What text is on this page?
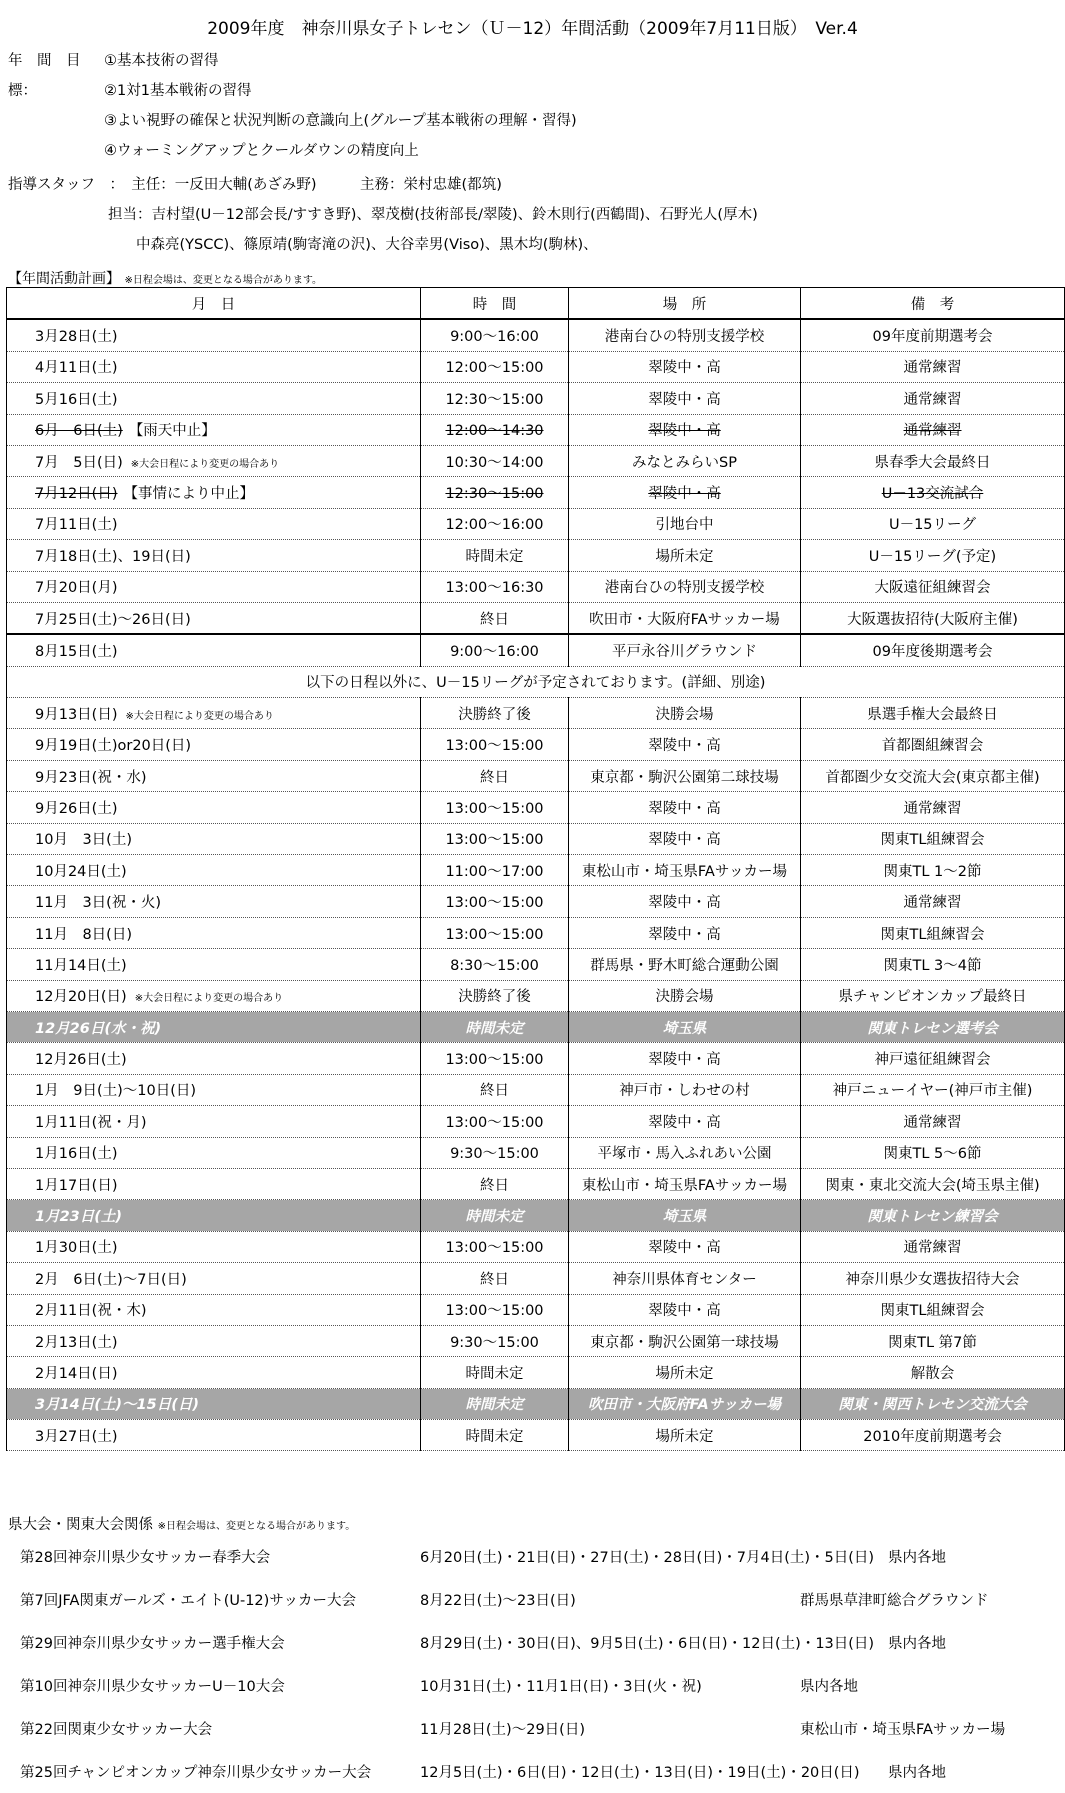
2009年度　神奈川県女子トレセン（Ｕ－12）年間活動（2009年7月11日版）　Ver.4
年　間　目　標：
①基本技術の習得
②1対1基本戦術の習得
③よい視野の確保と状況判断の意識向上(グループ基本戦術の理解・習得)
④ウォーミングアップとクールダウンの精度向上
指導スタッフ　：　主任：一反田大輔(あざみ野)　　　主務：栄村忠雄(都筑)
担当：吉村望(U－12部会長/すすき野)、翠茂樹(技術部長/翠陵)、鈴木則行(西鶴間)、石野光人(厚木)
中森亮(YSCC)、篠原靖(駒寄滝の沢)、大谷幸男(Viso)、黒木均(駒林)、
【年間活動計画】 ※日程会場は、変更となる場合があります。
月　日	時　間	場　所	備　考
3月28日(土)	9:00～16:00	港南台ひの特別支援学校	09年度前期選考会
4月11日(土)	12:00～15:00	翠陵中・高	通常練習
5月16日(土)	12:30～15:00	翠陵中・高	通常練習
6月　6日(土) 【雨天中止】	12:00～14:30	翠陵中・高	通常練習
7月　5日(日) ※大会日程により変更の場合あり	10:30～14:00	みなとみらいSP	県春季大会最終日
7月12日(日) 【事情により中止】	12:30～15:00	翠陵中・高	U－13交流試合
7月11日(土)	12:00～16:00	引地台中	U－15リーグ
7月18日(土)、19日(日)	時間未定	場所未定	U－15リーグ(予定)
7月20日(月)	13:00～16:30	港南台ひの特別支援学校	大阪遠征組練習会
7月25日(土)～26日(日)	終日	吹田市・大阪府FAサッカー場	大阪選抜招待(大阪府主催)
8月15日(土)	9:00～16:00	平戸永谷川グラウンド	09年度後期選考会
以下の日程以外に、U－15リーグが予定されております。(詳細、別途)			
9月13日(日) ※大会日程により変更の場合あり	決勝終了後	決勝会場	県選手権大会最終日
9月19日(土)or20日(日)	13:00～15:00	翠陵中・高	首都圏組練習会
9月23日(祝・水)	終日	東京都・駒沢公園第二球技場	首都圏少女交流大会(東京都主催)
9月26日(土)	13:00～15:00	翠陵中・高	通常練習
10月　3日(土)	13:00～15:00	翠陵中・高	関東TL組練習会
10月24日(土)	11:00～17:00	東松山市・埼玉県FAサッカー場	関東TL 1～2節
11月　3日(祝・火)	13:00～15:00	翠陵中・高	通常練習
11月　8日(日)	13:00～15:00	翠陵中・高	関東TL組練習会
11月14日(土)	8:30～15:00	群馬県・野木町総合運動公園	関東TL 3～4節
12月20日(日) ※大会日程により変更の場合あり	決勝終了後	決勝会場	県チャンピオンカップ最終日
12月26日(水・祝)	時間未定	埼玉県	関東トレセン選考会
12月26日(土)	13:00～15:00	翠陵中・高	神戸遠征組練習会
1月　9日(土)～10日(日)	終日	神戸市・しわせの村	神戸ニューイヤー(神戸市主催)
1月11日(祝・月)	13:00～15:00	翠陵中・高	通常練習
1月16日(土)	9:30～15:00	平塚市・馬入ふれあい公園	関東TL 5～6節
1月17日(日)	終日	東松山市・埼玉県FAサッカー場	関東・東北交流大会(埼玉県主催)
1月23日(土)	時間未定	埼玉県	関東トレセン練習会
1月30日(土)	13:00～15:00	翠陵中・高	通常練習
2月　6日(土)～7日(日)	終日	神奈川県体育センター	神奈川県少女選抜招待大会
2月11日(祝・木)	13:00～15:00	翠陵中・高	関東TL組練習会
2月13日(土)	9:30～15:00	東京都・駒沢公園第一球技場	関東TL 第7節
2月14日(日)	時間未定	場所未定	解散会
3月14日(土)～15日(日)	時間未定	吹田市・大阪府FAサッカー場	関東・関西トレセン交流大会
3月27日(土)	時間未定	場所未定	2010年度前期選考会
県大会・関東大会関係 ※日程会場は、変更となる場合があります。
第28回神奈川県少女サッカー春季大会	6月20日(土)・21日(日)・27日(土)・28日(日)・7月4日(土)・5日(日) 県内各地
第7回JFA関東ガールズ・エイト(U-12)サッカー大会	8月22日(土)～23日(日)	群馬県草津町総合グラウンド
第29回神奈川県少女サッカー選手権大会	8月29日(土)・30日(日)、9月5日(土)・6日(日)・12日(土)・13日(日) 県内各地
第10回神奈川県少女サッカーU－10大会	10月31日(土)・11月1日(日)・3日(火・祝)	県内各地
第22回関東少女サッカー大会	11月28日(土)～29日(日)	東松山市・埼玉県FAサッカー場
第25回チャンピオンカップ神奈川県少女サッカー大会	12月5日(土)・6日(日)・12日(土)・13日(日)・19日(土)・20日(日) 県内各地
